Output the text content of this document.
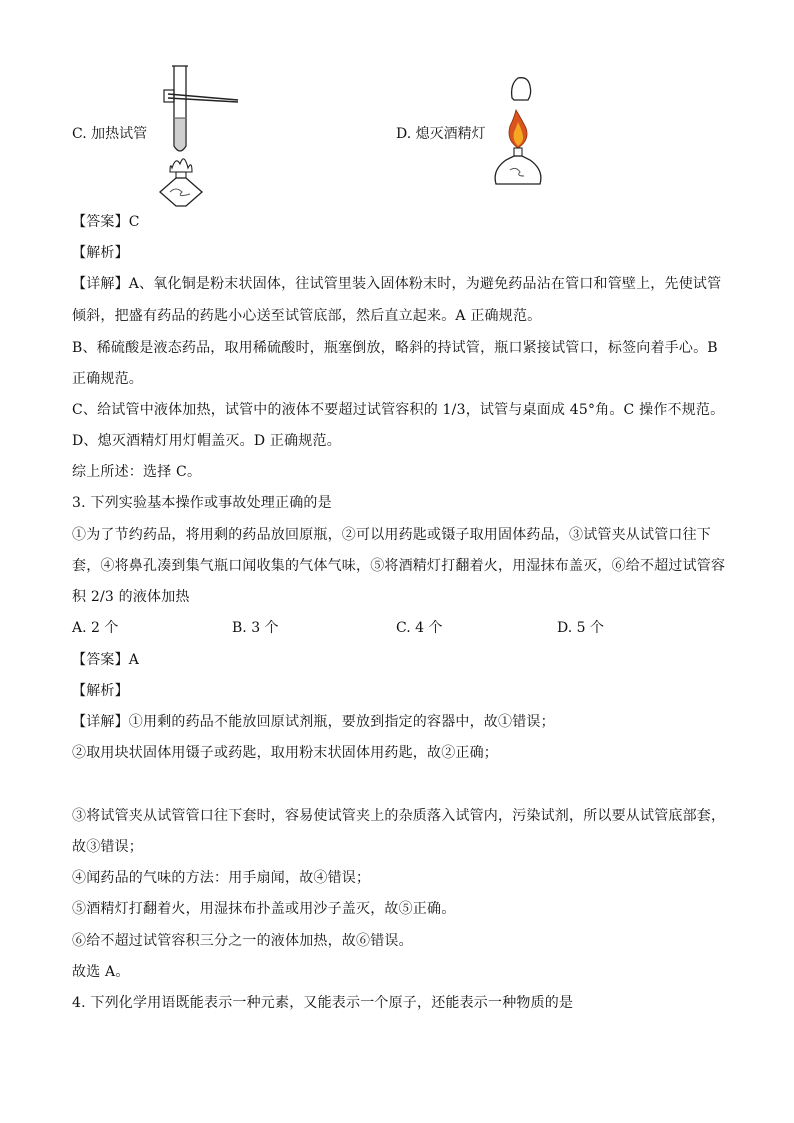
C. 加热试管	D. 熄灭酒精灯
【答案】C
【解析】
【详解】A、氧化铜是粉末状固体，往试管里装入固体粉末时，为避免药品沾在管口和管壁上，先使试管
倾斜，把盛有药品的药匙小心送至试管底部，然后直立起来。A 正确规范。
B、稀硫酸是液态药品，取用稀硫酸时，瓶塞倒放，略斜的持试管，瓶口紧接试管口，标签向着手心。B
正确规范。
C、给试管中液体加热，试管中的液体不要超过试管容积的 1/3，试管与桌面成 45°角。C 操作不规范。
D、熄灭酒精灯用灯帽盖灭。D 正确规范。
综上所述：选择 C。
3. 下列实验基本操作或事故处理正确的是
①为了节约药品，将用剩的药品放回原瓶，②可以用药匙或镊子取用固体药品，③试管夹从试管口往下
套，④将鼻孔凑到集气瓶口闻收集的气体气味，⑤将酒精灯打翻着火，用湿抹布盖灭，⑥给不超过试管容
积 2/3 的液体加热
A. 2 个	B. 3 个	C. 4 个	D. 5 个
【答案】A
【解析】
【详解】①用剩的药品不能放回原试剂瓶，要放到指定的容器中，故①错误；
②取用块状固体用镊子或药匙，取用粉末状固体用药匙，故②正确；
③将试管夹从试管管口往下套时，容易使试管夹上的杂质落入试管内，污染试剂，所以要从试管底部套，
故③错误；
④闻药品的气味的方法：用手扇闻，故④错误；
⑤酒精灯打翻着火，用湿抹布扑盖或用沙子盖灭，故⑤正确。
⑥给不超过试管容积三分之一的液体加热，故⑥错误。
故选 A。
4. 下列化学用语既能表示一种元素，又能表示一个原子，还能表示一种物质的是
